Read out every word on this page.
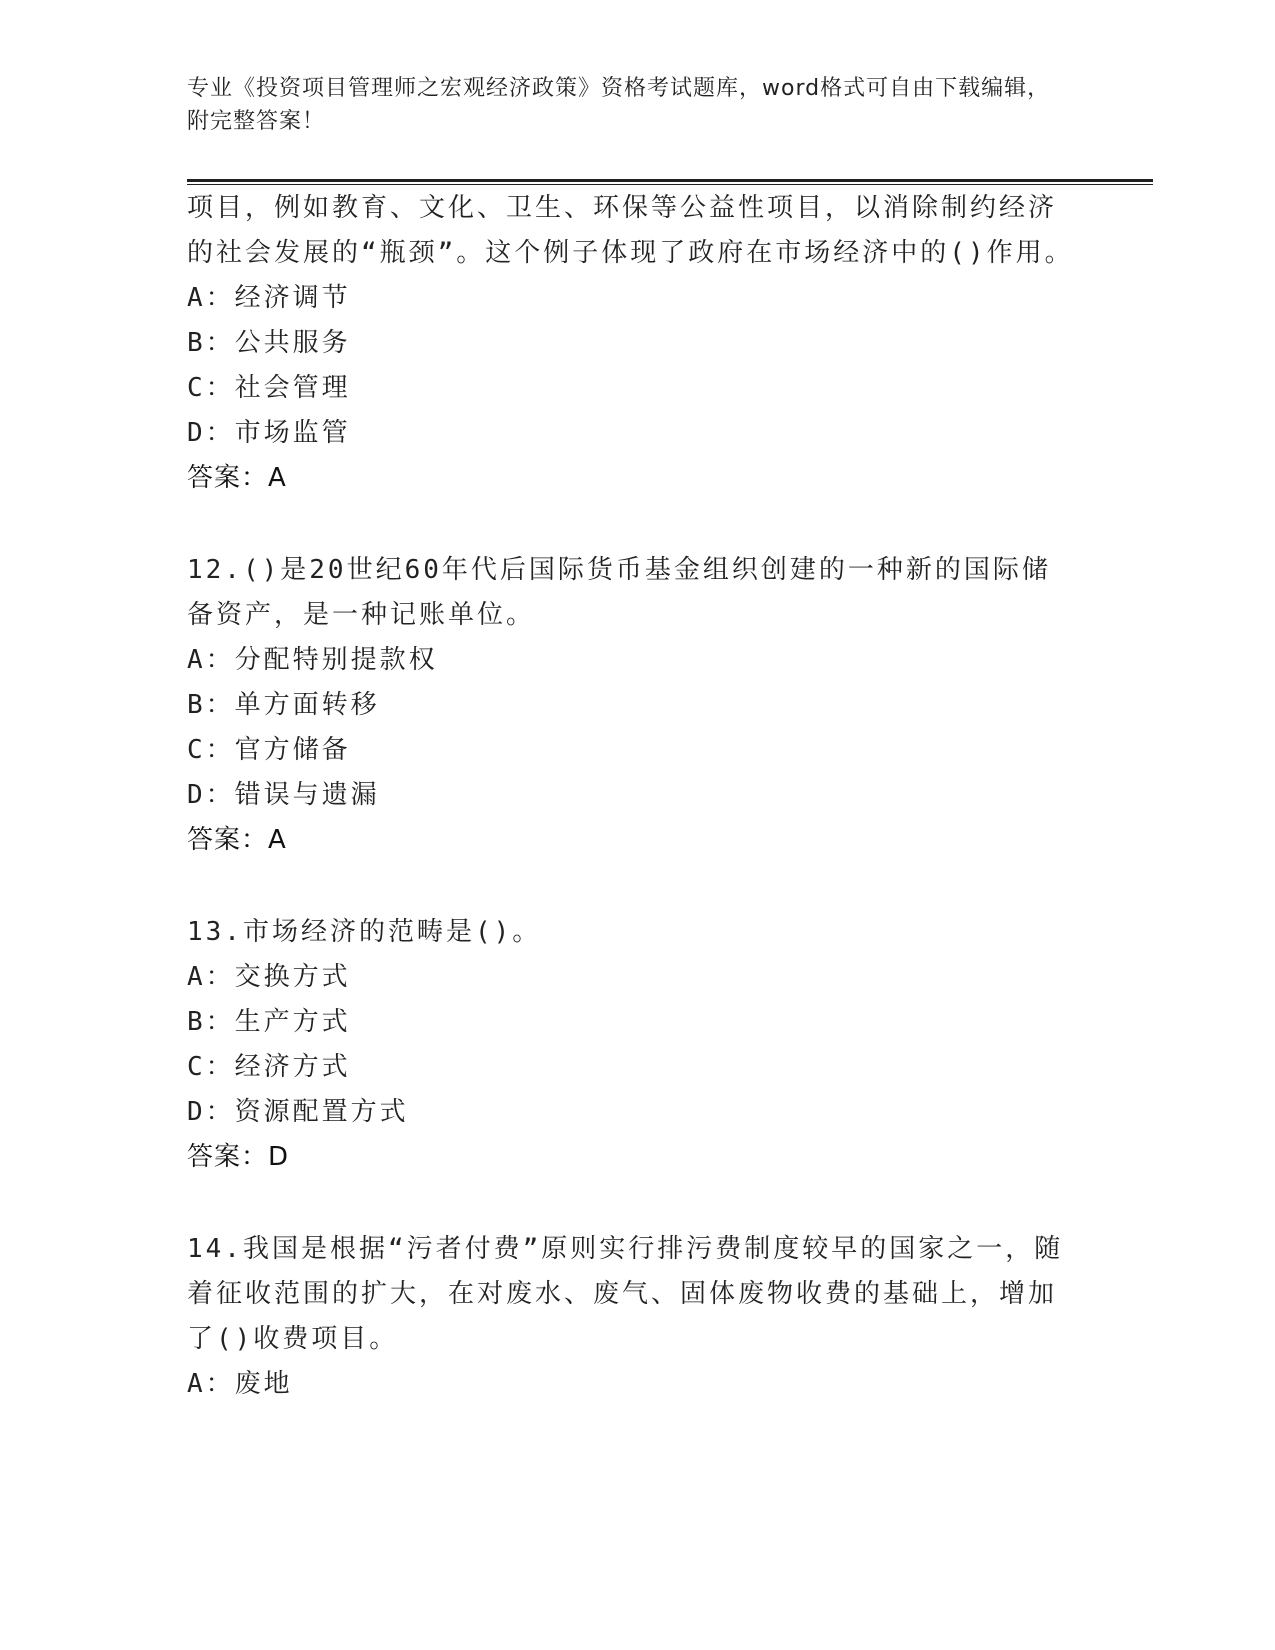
专业《投资项目管理师之宏观经济政策》资格考试题库，word格式可自由下载编辑，附完整答案！
项目，例如教育、文化、卫生、环保等公益性项目，以消除制约经济的社会发展的“瓶颈”。这个例子体现了政府在市场经济中的()作用。
A：经济调节
B：公共服务
C：社会管理
D：市场监管
答案：A
12.()是20世纪60年代后国际货币基金组织创建的一种新的国际储备资产，是一种记账单位。
A：分配特别提款权
B：单方面转移
C：官方储备
D：错误与遗漏
答案：A
13.市场经济的范畴是()。
A：交换方式
B：生产方式
C：经济方式
D：资源配置方式
答案：D
14.我国是根据“污者付费”原则实行排污费制度较早的国家之一，随着征收范围的扩大，在对废水、废气、固体废物收费的基础上，增加了()收费项目。
A：废地
